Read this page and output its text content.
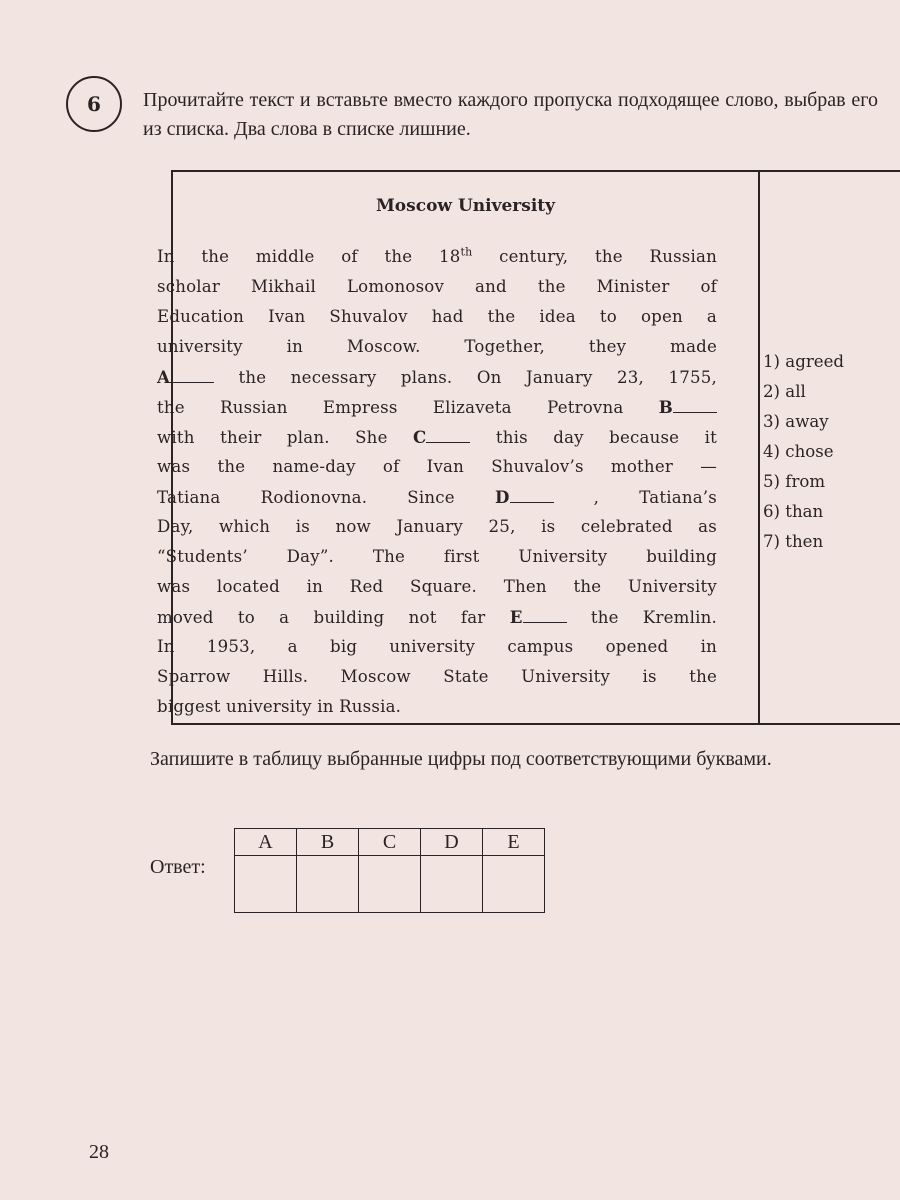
6	Прочитайте текст и вставьте вместо каждого пропуска подходящее слово, выбрав его из списка. Два слова в списке лишние.
Moscow University
In the middle of the 18th century, the Russian
scholar Mikhail Lomonosov and the Minister of
Education Ivan Shuvalov had the idea to open a
university in Moscow. Together, they made
A	the necessary plans. On January 23, 1755,
the Russian Empress Elizaveta Petrovna B
with their plan. She C	this day because it
was the name-day of Ivan Shuvalov’s mother —
Tatiana Rodionovna. Since D	, Tatiana’s
Day, which is now January 25, is celebrated as
“Students’ Day”. The first University building
was located in Red Square. Then the University
moved to a building not far E	the Kremlin.
In 1953, a big university campus opened in
Sparrow Hills. Moscow State University is the
biggest university in Russia.
1) agreed
2) all
3) away
4) chose
5) from
6) than
7) then
Запишите в таблицу выбранные цифры под соответствующими буквами.
Ответ:
A	B	C	D	E

28
